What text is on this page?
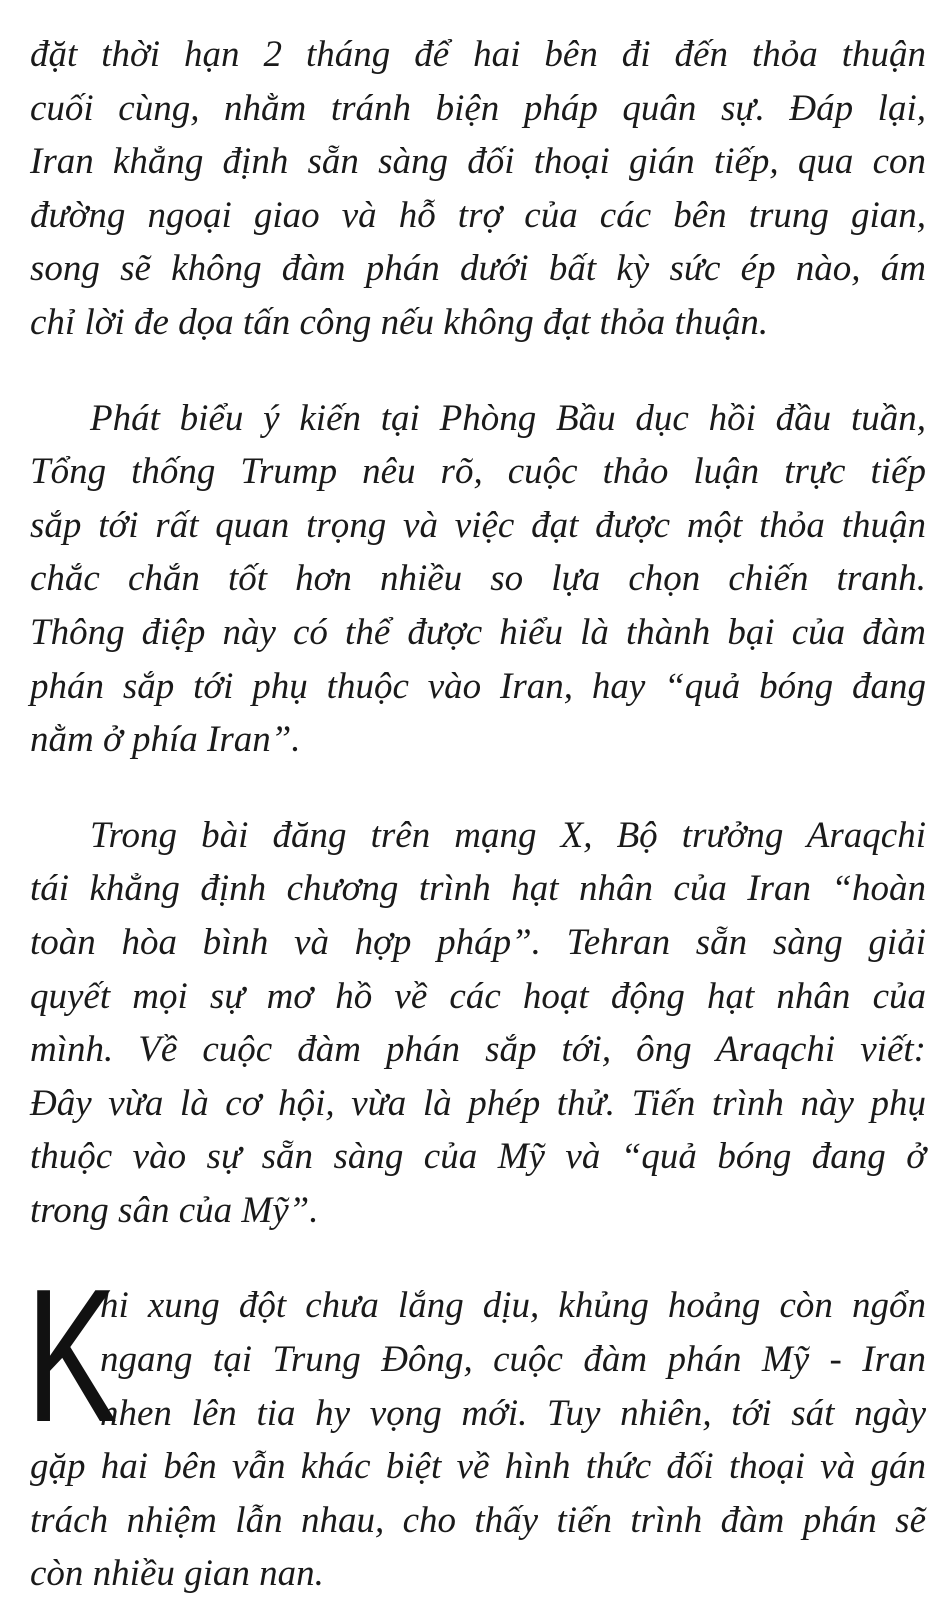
đặt thời hạn 2 tháng để hai bên đi đến thỏa thuận
cuối cùng, nhằm tránh biện pháp quân sự. Đáp lại,
Iran khẳng định sẵn sàng đối thoại gián tiếp, qua con
đường ngoại giao và hỗ trợ của các bên trung gian,
song sẽ không đàm phán dưới bất kỳ sức ép nào, ám
chỉ lời đe dọa tấn công nếu không đạt thỏa thuận.
Phát biểu ý kiến tại Phòng Bầu dục hồi đầu tuần,
Tổng thống Trump nêu rõ, cuộc thảo luận trực tiếp
sắp tới rất quan trọng và việc đạt được một thỏa thuận
chắc chắn tốt hơn nhiều so lựa chọn chiến tranh.
Thông điệp này có thể được hiểu là thành bại của đàm
phán sắp tới phụ thuộc vào Iran, hay “quả bóng đang
nằm ở phía Iran”.
Trong bài đăng trên mạng X, Bộ trưởng Araqchi
tái khẳng định chương trình hạt nhân của Iran “hoàn
toàn hòa bình và hợp pháp”. Tehran sẵn sàng giải
quyết mọi sự mơ hồ về các hoạt động hạt nhân của
mình. Về cuộc đàm phán sắp tới, ông Araqchi viết:
Đây vừa là cơ hội, vừa là phép thử. Tiến trình này phụ
thuộc vào sự sẵn sàng của Mỹ và “quả bóng đang ở
trong sân của Mỹ”.
K
hi xung đột chưa lắng dịu, khủng hoảng còn ngổn
ngang tại Trung Đông, cuộc đàm phán Mỹ - Iran
nhen lên tia hy vọng mới. Tuy nhiên, tới sát ngày
gặp hai bên vẫn khác biệt về hình thức đối thoại và gán
trách nhiệm lẫn nhau, cho thấy tiến trình đàm phán sẽ
còn nhiều gian nan.
